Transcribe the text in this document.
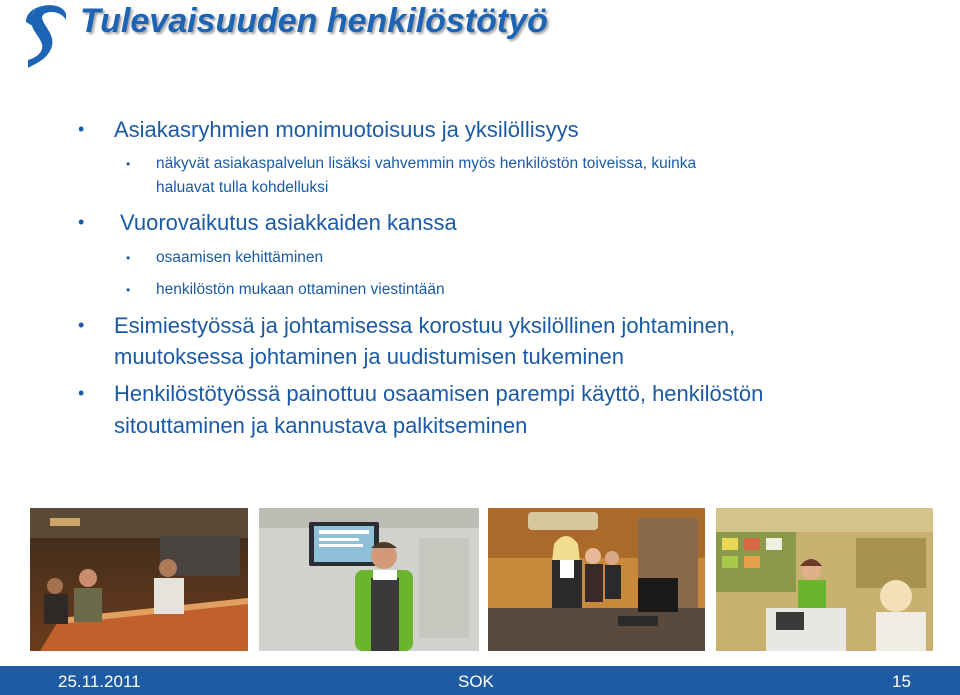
Tulevaisuuden henkilöstötyö
• Asiakasryhmien monimuotoisuus ja yksilöllisyys
• näkyvät asiakaspalvelun lisäksi vahvemmin myös henkilöstön toiveissa, kuinka
haluavat tulla kohdelluksi
• Vuorovaikutus asiakkaiden kanssa
• osaamisen kehittäminen
• henkilöstön mukaan ottaminen viestintään
• Esimiestyössä ja johtamisessa korostuu yksilöllinen johtaminen,
muutoksessa johtaminen ja uudistumisen tukeminen
• Henkilöstötyössä painottuu osaamisen parempi käyttö, henkilöstön
sitouttaminen ja kannustava palkitseminen
25.11.2011	SOK	15
